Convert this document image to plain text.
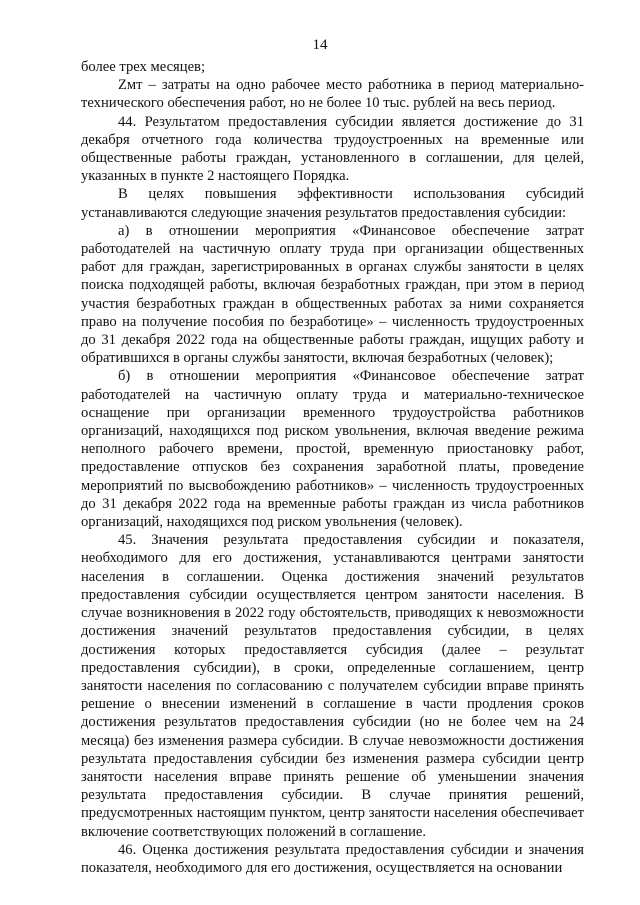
14

более трех месяцев;

Zмт – затраты на одно рабочее место работника в период материально-технического обеспечения работ, но не более 10 тыс. рублей на весь период.

44. Результатом предоставления субсидии является достижение до 31 декабря отчетного года количества трудоустроенных на временные или общественные работы граждан, установленного в соглашении, для целей, указанных в пункте 2 настоящего Порядка.

В целях повышения эффективности использования субсидий устанавливаются следующие значения результатов предоставления субсидии:

а) в отношении мероприятия «Финансовое обеспечение затрат работодателей на частичную оплату труда при организации общественных работ для граждан, зарегистрированных в органах службы занятости в целях поиска подходящей работы, включая безработных граждан, при этом в период участия безработных граждан в общественных работах за ними сохраняется право на получение пособия по безработице» – численность трудоустроенных до 31 декабря 2022 года на общественные работы граждан, ищущих работу и обратившихся в органы службы занятости, включая безработных (человек);

б) в отношении мероприятия «Финансовое обеспечение затрат работодателей на частичную оплату труда и материально-техническое оснащение при организации временного трудоустройства работников организаций, находящихся под риском увольнения, включая введение режима неполного рабочего времени, простой, временную приостановку работ, предоставление отпусков без сохранения заработной платы, проведение мероприятий по высвобождению работников» – численность трудоустроенных до 31 декабря 2022 года на временные работы граждан из числа работников организаций, находящихся под риском увольнения (человек).

45. Значения результата предоставления субсидии и показателя, необходимого для его достижения, устанавливаются центрами занятости населения в соглашении. Оценка достижения значений результатов предоставления субсидии осуществляется центром занятости населения. В случае возникновения в 2022 году обстоятельств, приводящих к невозможности достижения значений результатов предоставления субсидии, в целях достижения которых предоставляется субсидия (далее – результат предоставления субсидии), в сроки, определенные соглашением, центр занятости населения по согласованию с получателем субсидии вправе принять решение о внесении изменений в соглашение в части продления сроков достижения результатов предоставления субсидии (но не более чем на 24 месяца) без изменения размера субсидии. В случае невозможности достижения результата предоставления субсидии без изменения размера субсидии центр занятости населения вправе принять решение об уменьшении значения результата предоставления субсидии. В случае принятия решений, предусмотренных настоящим пунктом, центр занятости населения обеспечивает включение соответствующих положений в соглашение.

46. Оценка достижения результата предоставления субсидии и значения показателя, необходимого для его достижения, осуществляется на основании
